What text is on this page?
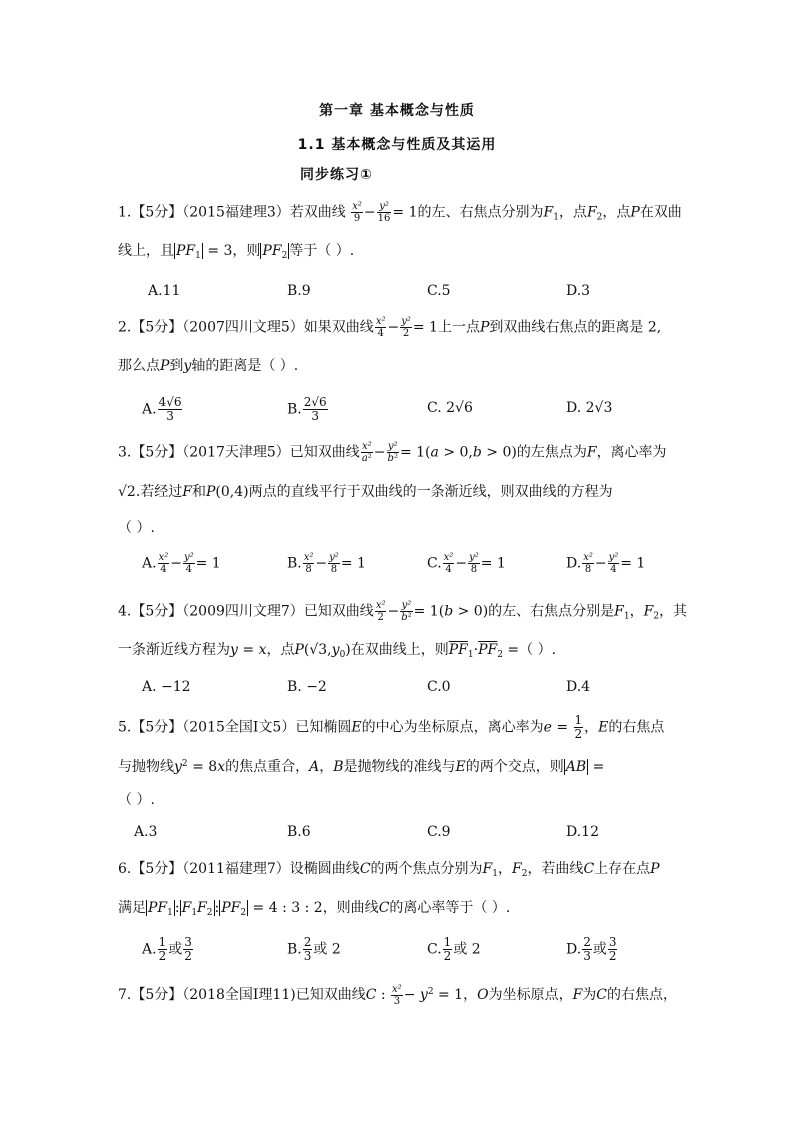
第一章 基本概念与性质
1.1 基本概念与性质及其运用
同步练习①
1.【5分】（2015福建理3）若双曲线 $\frac{\text{x²}}{9} - \frac{\text{y²}}{16} = 1$的左、右焦点分别为$F_1$，点$F_2$，点P在双曲
线上，且 $PF_1 = 3$，则 $PF_2$ 等于（ ）.
A.11	B.9	C.5	D.3
2.【5分】（2007四川文理5）如果双曲线 $\frac{\text{x²}}{4} - \frac{\text{y²}}{2} = 1$上一点P到双曲线右焦点的距离是 2,
那么点P到y轴的距离是（ ）.
A. $\frac{4√6}{3}$	B. $\frac{2√6}{3}$	C. 2√6	D. 2√3
3.【5分】（2017天津理5）已知双曲线 $\frac{\text{x²}}{\text{a²}} - \frac{\text{y²}}{\text{b²}} = 1(a > 0,b > 0)$的左焦点为F，离心率为
√2.若经过F和P(0,4)两点的直线平行于双曲线的一条渐近线，则双曲线的方程为
（ ）.
A. $\frac{\text{x²}}{4} - \frac{\text{y²}}{4} = 1$	B. $\frac{\text{x²}}{8} - \frac{\text{y²}}{8} = 1$	C. $\frac{\text{x²}}{4} - \frac{\text{y²}}{8} = 1$	D. $\frac{\text{x²}}{8} - \frac{\text{y²}}{4} = 1$
4.【5分】（2009四川文理7）已知双曲线 $\frac{\text{x²}}{2} - \frac{\text{y²}}{\text{b²}} = 1(b > 0)$的左、右焦点分别是$F_1$，$F_2$，其
一条渐近线方程为y = x，点$P(√3,y_0)$在双曲线上，则$\overline{PF}_1\cdot\overline{PF}_2$ =（ ）.
A. −12	B. −2	C.0	D.4
5.【5分】（2015全国Ⅰ文5）已知椭圆E的中心为坐标原点，离心率为$e = \frac{1}{2}$ ，E的右焦点
与抛物线$y^2 = 8x$的焦点重合，A，B是抛物线的准线与E的两个交点，则 AB =
（ ）.
A.3	B.6	C.9	D.12
6.【5分】（2011福建理7）设椭圆曲线C的两个焦点分别为$F_1$，$F_2$，若曲线C上存在点P
满足 $PF_1$ : $F_1F_2$ : $PF_2 = 4$ : 3 : 2，则曲线C的离心率等于（ ）.
A. $\frac{1}{2}$ 或 $\frac{3}{2}$	B. $\frac{2}{3}$ 或 2	C. $\frac{1}{2}$ 或 2	D. $\frac{2}{3}$ 或 $\frac{3}{2}$
7.【5分】（2018全国Ⅰ理11)已知双曲线C : $\frac{\text{x²}}{3} - y^2 = 1$，O为坐标原点，F为C的右焦点，
